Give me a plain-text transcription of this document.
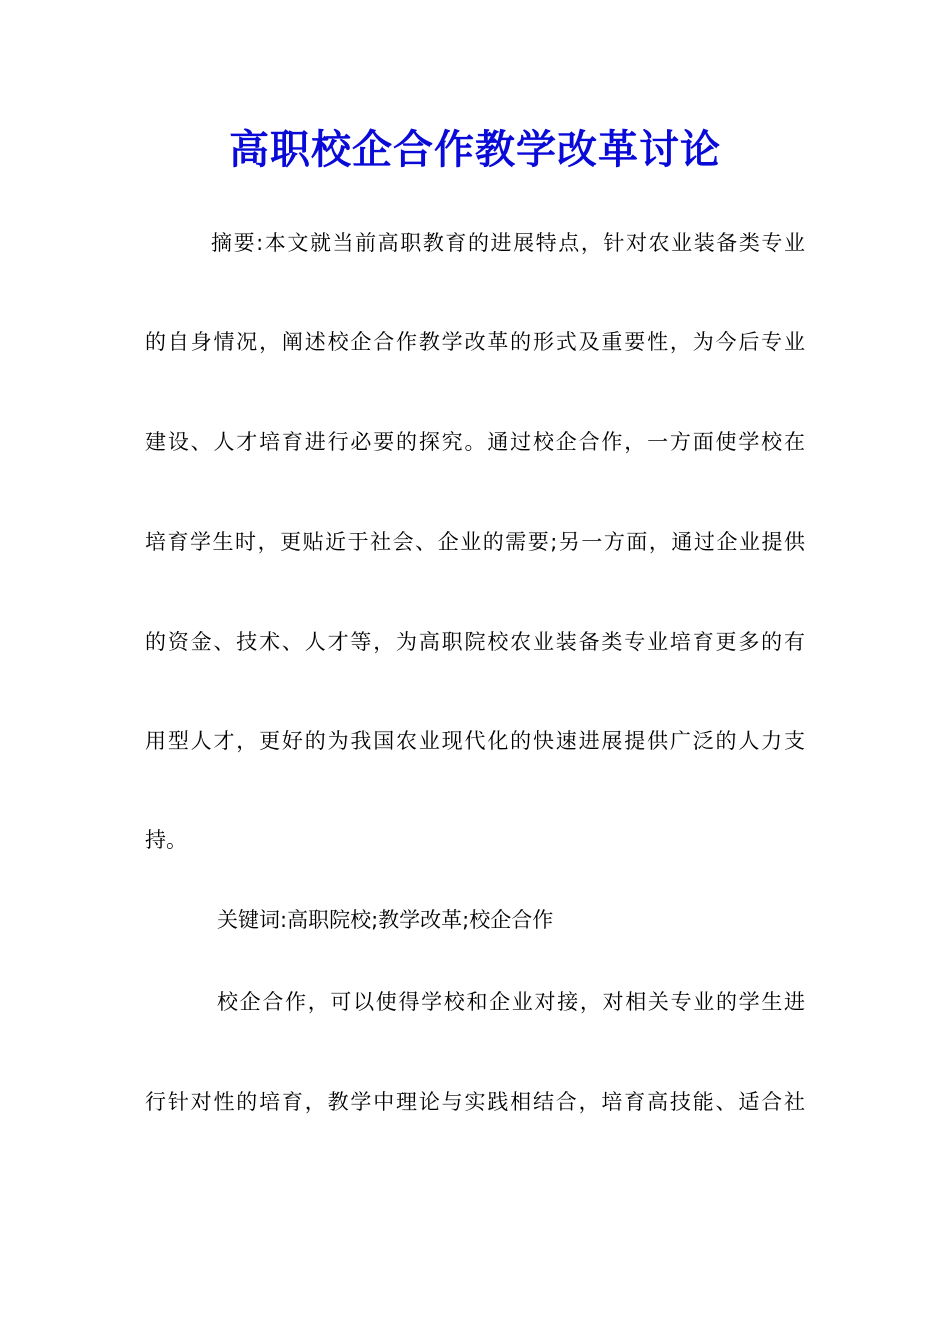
高职校企合作教学改革讨论
摘要:本文就当前高职教育的进展特点，针对农业装备类专业
的自身情况，阐述校企合作教学改革的形式及重要性，为今后专业
建设、人才培育进行必要的探究。通过校企合作，一方面使学校在
培育学生时，更贴近于社会、企业的需要;另一方面，通过企业提供
的资金、技术、人才等，为高职院校农业装备类专业培育更多的有
用型人才，更好的为我国农业现代化的快速进展提供广泛的人力支
持。
关键词:高职院校;教学改革;校企合作
校企合作，可以使得学校和企业对接，对相关专业的学生进
行针对性的培育，教学中理论与实践相结合，培育高技能、适合社
